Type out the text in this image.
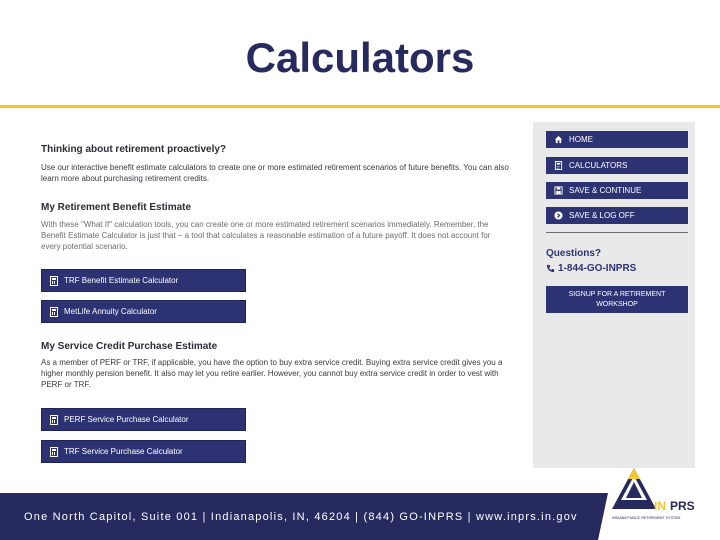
Calculators
Thinking about retirement proactively?
Use our interactive benefit estimate calculators to create one or more estimated retirement scenarios of future benefits. You can also learn more about purchasing retirement credits.
My Retirement Benefit Estimate
With these "What If" calculation tools, you can create one or more estimated retirement scenarios immediately. Remember, the Benefit Estimate Calculator is just that – a tool that calculates a reasonable estimation of a future payoff. It does not account for every potential scenario.
TRF Benefit Estimate Calculator
MetLife Annuity Calculator
My Service Credit Purchase Estimate
As a member of PERF or TRF, if applicable, you have the option to buy extra service credit. Buying extra service credit gives you a higher monthly pension benefit. It also may let you retire earlier. However, you cannot buy extra service credit in order to vest with PERF or TRF.
PERF Service Purchase Calculator
TRF Service Purchase Calculator
HOME
CALCULATORS
SAVE & CONTINUE
SAVE & LOG OFF
Questions?
1-844-GO-INPRS
SIGNUP FOR A RETIREMENT WORKSHOP
One North Capitol, Suite 001 | Indianapolis, IN, 46204 | (844) GO-INPRS | www.inprs.in.gov
IN PRS
INDIANA PUBLIC RETIREMENT SYSTEM
